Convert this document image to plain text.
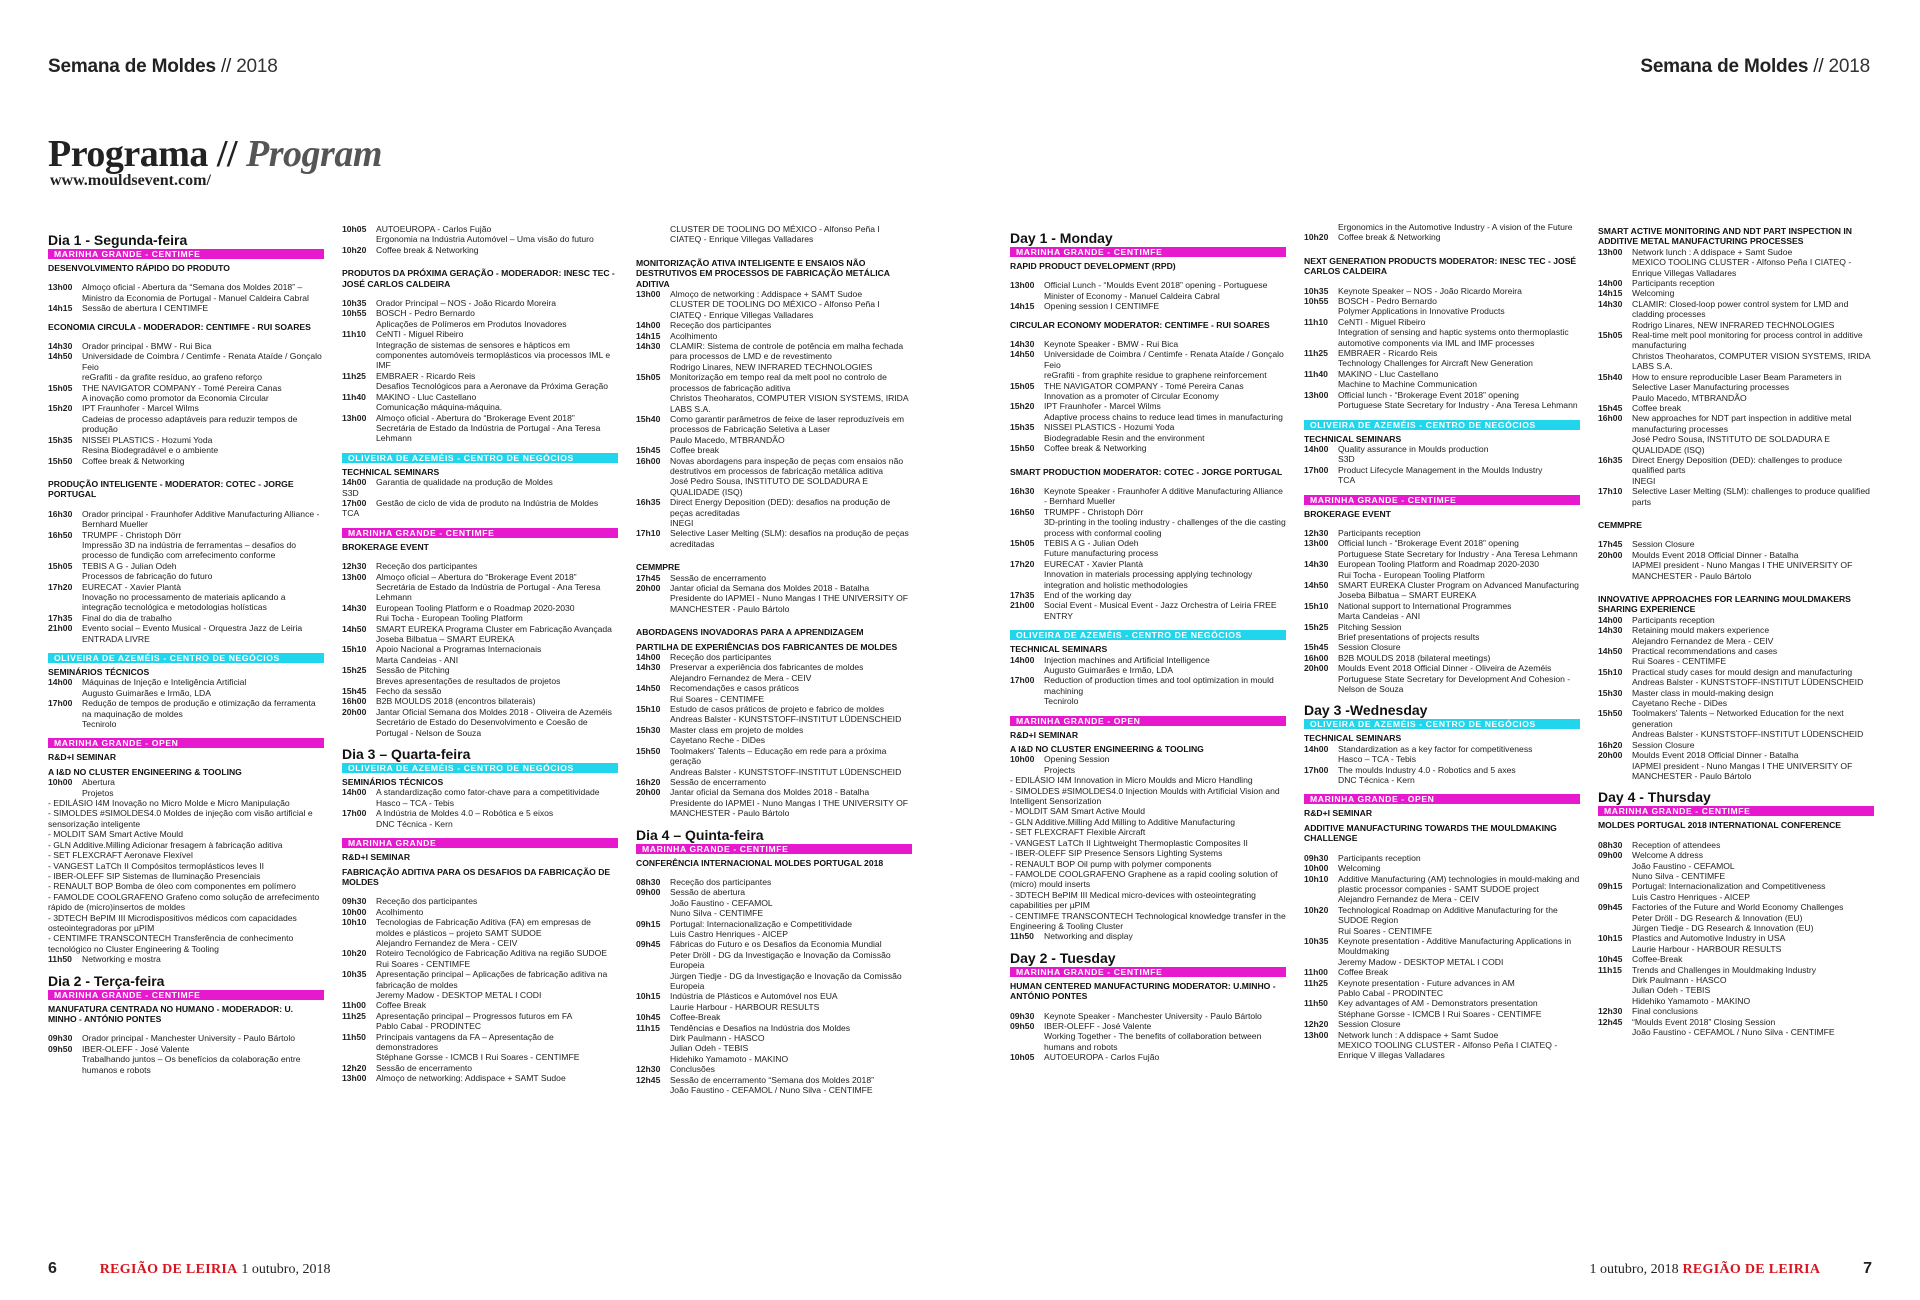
Semana de Moldes // 2018	Semana de Moldes // 2018
Programa // Program
www.mouldsevent.com/
Dia 1 - Segunda-feira
MARINHA GRANDE - CENTIMFE
DESENVOLVIMENTO RÁPIDO DO PRODUTO
13h00 Almoço oficial - Abertura da “Semana dos Moldes 2018” – Ministro da Economia de Portugal - Manuel Caldeira Cabral
14h15 Sessão de abertura I CENTIMFE
ECONOMIA CIRCULA - MODERADOR: CENTIMFE - RUI SOARES
14h30 Orador principal - BMW - Rui Bica
14h50 Universidade de Coimbra / Centimfe - Renata Ataíde / Gonçalo Feio
reGrafiti - da grafite resíduo, ao grafeno reforço
15h05 THE NAVIGATOR COMPANY - Tomé Pereira Canas
A inovação como promotor da Economia Circular
15h20 IPT Fraunhofer - Marcel Wilms
Cadeias de processo adaptáveis para reduzir tempos de produção
15h35 NISSEI PLASTICS - Hozumi Yoda
Resina Biodegradável e o ambiente
15h50 Coffee break & Networking
PRODUÇÃO INTELIGENTE - MODERATOR: COTEC - JORGE PORTUGAL
16h30 Orador principal - Fraunhofer Additive Manufacturing Alliance - Bernhard Mueller
16h50 TRUMPF - Christoph Dörr
Impressão 3D na indústria de ferramentas – desafios do processo de fundição com arrefecimento conforme
15h05 TEBIS A G - Julian Odeh
Processos de fabricação do futuro
17h20 EURECAT - Xavier Plantà
Inovação no processamento de materiais aplicando a integração tecnológica e metodologias holísticas
17h35 Final do dia de trabalho
21h00 Evento social – Evento Musical - Orquestra Jazz de Leiria ENTRADA LIVRE
OLIVEIRA DE AZEMÉIS - CENTRO DE NEGÓCIOS
SEMINÁRIOS TÉCNICOS
14h00 Máquinas de Injeção e Inteligência Artificial
Augusto Guimarães e Irmão, LDA
17h00 Redução de tempos de produção e otimização da ferramenta na maquinação de moldes
Tecnirolo
MARINHA GRANDE - OPEN
R&D+I SEMINAR
A I&D NO CLUSTER ENGINEERING & TOOLING
10h00 Abertura
Projetos
- EDILÁSIO I4M Inovação no Micro Molde e Micro Manipulação
- SIMOLDES #SIMOLDES4.0 Moldes de injeção com visão artificial e sensorização inteligente
- MOLDIT SAM Smart Active Mould
- GLN Additive.Milling Adicionar fresagem à fabricação aditiva
- SET FLEXCRAFT Aeronave Flexível
- VANGEST LaTCh II Compósitos termoplásticos leves II
- IBER-OLEFF SIP Sistemas de Iluminação Presenciais
- RENAULT BOP Bomba de óleo com componentes em polímero
- FAMOLDE COOLGRAFENO Grafeno como solução de arrefecimento rápido de (micro)insertos de moldes
- 3DTECH BePIM III Microdispositivos médicos com capacidades osteointegradoras por µPIM
- CENTIMFE TRANSCONTECH Transferência de conhecimento tecnológico no Cluster Engineering & Tooling
11h50 Networking e mostra
Dia 2 - Terça-feira
MARINHA GRANDE - CENTIMFE
MANUFATURA CENTRADA NO HUMANO - MODERADOR: U. MINHO - ANTÓNIO PONTES
09h30 Orador principal - Manchester University - Paulo Bártolo
09h50 IBER-OLEFF - José Valente
Trabalhando juntos – Os benefícios da colaboração entre humanos e robots
10h05 AUTOEUROPA - Carlos Fujão
Ergonomia na Indústria Automóvel – Uma visão do futuro
10h20 Coffee break & Networking
PRODUTOS DA PRÓXIMA GERAÇÃO - MODERADOR: INESC TEC - JOSÉ CARLOS CALDEIRA
10h35 Orador Principal – NOS - João Ricardo Moreira
10h55 BOSCH - Pedro Bernardo
Aplicações de Polímeros em Produtos Inovadores
11h10 CeNTI - Miguel Ribeiro
Integração de sistemas de sensores e hápticos em componentes automóveis termoplásticos via processos IML e IMF
11h25 EMBRAER - Ricardo Reis
Desafios Tecnológicos para a Aeronave da Próxima Geração
11h40 MAKINO - Lluc Castellano
Comunicação máquina-máquina.
13h00 Almoço oficial - Abertura do “Brokerage Event 2018”
Secretária de Estado da Indústria de Portugal - Ana Teresa Lehmann
OLIVEIRA DE AZEMÉIS - CENTRO DE NEGÓCIOS
TECHNICAL SEMINARS
14h00 Garantia de qualidade na produção de Moldes
S3D
17h00 Gestão de ciclo de vida de produto na Indústria de Moldes
TCA
MARINHA GRANDE - CENTIMFE
BROKERAGE EVENT
12h30 Receção dos participantes
13h00 Almoço oficial – Abertura do “Brokerage Event 2018”
Secretária de Estado da Indústria de Portugal - Ana Teresa Lehmann
14h30 European Tooling Platform e o Roadmap 2020-2030
Rui Tocha - European Tooling Platform
14h50 SMART EUREKA Programa Cluster em Fabricação Avançada
Joseba Bilbatua – SMART EUREKA
15h10 Apoio Nacional a Programas Internacionais
Marta Candeias - ANI
15h25 Sessão de Pitching
Breves apresentações de resultados de projetos
15h45 Fecho da sessão
16h00 B2B MOULDS 2018 (encontros bilaterais)
20h00 Jantar Oficial Semana dos Moldes 2018 - Oliveira de Azeméis
Secretário de Estado do Desenvolvimento e Coesão de Portugal - Nelson de Souza
Dia 3 – Quarta-feira
OLIVEIRA DE AZEMÉIS - CENTRO DE NEGÓCIOS
SEMINÁRIOS TÉCNICOS
14h00 A standardização como fator-chave para a competitividade
Hasco – TCA - Tebis
17h00 A Indústria de Moldes 4.0 – Robótica e 5 eixos
DNC Técnica - Kern
MARINHA GRANDE
R&D+I SEMINAR
FABRICAÇÃO ADITIVA PARA OS DESAFIOS DA FABRICAÇÃO DE MOLDES
09h30 Receção dos participantes
10h00 Acolhimento
10h10 Tecnologias de Fabricação Aditiva (FA) em empresas de moldes e plásticos – projeto SAMT SUDOE
Alejandro Fernandez de Mera - CEIV
10h20 Roteiro Tecnológico de Fabricação Aditiva na região SUDOE
Rui Soares - CENTIMFE
10h35 Apresentação principal – Aplicações de fabricação aditiva na fabricação de moldes
Jeremy Madow - DESKTOP METAL I CODI
11h00 Coffee Break
11h25 Apresentação principal – Progressos futuros em FA
Pablo Cabal - PRODINTEC
11h50 Principais vantagens da FA – Apresentação de demonstradores
Stéphane Gorsse - ICMCB I Rui Soares - CENTIMFE
12h20 Sessão de encerramento
13h00 Almoço de networking: Addispace + SAMT Sudoe
CLUSTER DE TOOLING DO MÉXICO - Alfonso Peña I CIATEQ - Enrique Villegas Valladares
MONITORIZAÇÃO ATIVA INTELIGENTE E ENSAIOS NÃO DESTRUTIVOS EM PROCESSOS DE FABRICAÇÃO METÁLICA ADITIVA
13h00 Almoço de networking : Addispace + SAMT Sudoe
CLUSTER DE TOOLING DO MÉXICO - Alfonso Peña I CIATEQ - Enrique Villegas Valladares
14h00 Receção dos participantes
14h15 Acolhimento
14h30 CLAMIR: Sistema de controle de potência em malha fechada para processos de LMD e de revestimento
Rodrigo Linares, NEW INFRARED TECHNOLOGIES
15h05 Monitorização em tempo real da melt pool no controlo de processos de fabricação aditiva
Christos Theoharatos, COMPUTER VISION SYSTEMS, IRIDA LABS S.A.
15h40 Como garantir parâmetros de feixe de laser reproduzíveis em processos de Fabricação Seletiva a Laser
Paulo Macedo, MTBRANDÃO
15h45 Coffee break
16h00 Novas abordagens para inspeção de peças com ensaios não destrutivos em processos de fabricação metálica aditiva
José Pedro Sousa, INSTITUTO DE SOLDADURA E QUALIDADE (ISQ)
16h35 Direct Energy Deposition (DED): desafios na produção de peças acreditadas
INEGI
17h10 Selective Laser Melting (SLM): desafios na produção de peças acreditadas
CEMMPRE
17h45 Sessão de encerramento
20h00 Jantar oficial da Semana dos Moldes 2018 - Batalha
Presidente do IAPMEI - Nuno Mangas I THE UNIVERSITY OF MANCHESTER - Paulo Bártolo
ABORDAGENS INOVADORAS PARA A APRENDIZAGEM
PARTILHA DE EXPERIÊNCIAS DOS FABRICANTES DE MOLDES
14h00 Receção dos participantes
14h30 Preservar a experiência dos fabricantes de moldes
Alejandro Fernandez de Mera - CEIV
14h50 Recomendações e casos práticos
Rui Soares - CENTIMFE
15h10 Estudo de casos práticos de projeto e fabrico de moldes
Andreas Balster - KUNSTSTOFF-INSTITUT LÜDENSCHEID
15h30 Master class em projeto de moldes
Cayetano Reche - DiDes
15h50 Toolmakers' Talents – Educação em rede para a próxima geração
Andreas Balster - KUNSTSTOFF-INSTITUT LÜDENSCHEID
16h20 Sessão de encerramento
20h00 Jantar oficial da Semana dos Moldes 2018 - Batalha
Presidente do IAPMEI - Nuno Mangas I THE UNIVERSITY OF MANCHESTER - Paulo Bártolo
Dia 4 – Quinta-feira
MARINHA GRANDE - CENTIMFE
CONFERÊNCIA INTERNACIONAL MOLDES PORTUGAL 2018
08h30 Receção dos participantes
09h00 Sessão de abertura
João Faustino - CEFAMOL
Nuno Silva - CENTIMFE
09h15 Portugal: Internacionalização e Competitividade
Luis Castro Henriques - AICEP
09h45 Fábricas do Futuro e os Desafios da Economia Mundial
Peter Dröll - DG da Investigação e Inovação da Comissão Europeia
Jürgen Tiedje - DG da Investigação e Inovação da Comissão Europeia
10h15 Indústria de Plásticos e Automóvel nos EUA
Laurie Harbour - HARBOUR RESULTS
10h45 Coffee-Break
11h15 Tendências e Desafios na Indústria dos Moldes
Dirk Paulmann - HASCO
Julian Odeh - TEBIS
Hidehiko Yamamoto - MAKINO
12h30 Conclusões
12h45 Sessão de encerramento “Semana dos Moldes 2018”
João Faustino - CEFAMOL / Nuno Silva - CENTIMFE
Day 1 - Monday
MARINHA GRANDE - CENTIMFE
RAPID PRODUCT DEVELOPMENT (RPD)
13h00 Official Lunch - “Moulds Event 2018” opening - Portuguese Minister of Economy - Manuel Caldeira Cabral
14h15 Opening session I CENTIMFE
CIRCULAR ECONOMY MODERATOR: CENTIMFE - RUI SOARES
14h30 Keynote Speaker - BMW - Rui Bica
14h50 Universidade de Coimbra / Centimfe - Renata Ataíde / Gonçalo Feio
reGrafiti - from graphite residue to graphene reinforcement
15h05 THE NAVIGATOR COMPANY - Tomé Pereira Canas
Innovation as a promoter of Circular Economy
15h20 IPT Fraunhofer - Marcel Wilms
Adaptive process chains to reduce lead times in manufacturing
15h35 NISSEI PLASTICS - Hozumi Yoda
Biodegradable Resin and the environment
15h50 Coffee break & Networking
SMART PRODUCTION MODERATOR: COTEC - JORGE PORTUGAL
16h30 Keynote Speaker - Fraunhofer A dditive Manufacturing Alliance - Bernhard Mueller
16h50 TRUMPF - Christoph Dörr
3D-printing in the tooling industry - challenges of the die casting process with conformal cooling
15h05 TEBIS A G - Julian Odeh
Future manufacturing process
17h20 EURECAT - Xavier Plantà
Innovation in materials processing applying technology integration and holistic methodologies
17h35 End of the working day
21h00 Social Event - Musical Event - Jazz Orchestra of Leiria FREE ENTRY
OLIVEIRA DE AZEMÉIS - CENTRO DE NEGÓCIOS
TECHNICAL SEMINARS
14h00 Injection machines and Artificial Intelligence
Augusto Guimarães e Irmão, LDA
17h00 Reduction of production times and tool optimization in mould machining
Tecnirolo
MARINHA GRANDE - OPEN
R&D+I SEMINAR
A I&D NO CLUSTER ENGINEERING & TOOLING
10h00 Opening Session
Projects
- EDILÁSIO I4M Innovation in Micro Moulds and Micro Handling
- SIMOLDES #SIMOLDES4.0 Injection Moulds with Artificial Vision and Intelligent Sensorization
- MOLDIT SAM Smart Active Mould
- GLN Additive.Milling Add Milling to Additive Manufacturing
- SET FLEXCRAFT Flexible Aircraft
- VANGEST LaTCh II Lightweight Thermoplastic Composites II
- IBER-OLEFF SIP Presence Sensors Lighting Systems
- RENAULT BOP Oil pump with polymer components
- FAMOLDE COOLGRAFENO Graphene as a rapid cooling solution of (micro) mould inserts
- 3DTECH BePIM III Medical micro-devices with osteointegrating capabilities per µPIM
- CENTIMFE TRANSCONTECH Technological knowledge transfer in the Engineering & Tooling Cluster
11h50 Networking and display
Day 2 - Tuesday
MARINHA GRANDE - CENTIMFE
HUMAN CENTERED MANUFACTURING MODERATOR: U.MINHO - ANTÓNIO PONTES
09h30 Keynote Speaker - Manchester University - Paulo Bártolo
09h50 IBER-OLEFF - José Valente
Working Together - The benefits of collaboration between humans and robots
10h05 AUTOEUROPA - Carlos Fujão
Ergonomics in the Automotive Industry - A vision of the Future
10h20 Coffee break & Networking
NEXT GENERATION PRODUCTS MODERATOR: INESC TEC - JOSÉ CARLOS CALDEIRA
10h35 Keynote Speaker – NOS - João Ricardo Moreira
10h55 BOSCH - Pedro Bernardo
Polymer Applications in Innovative Products
11h10 CeNTI - Miguel Ribeiro
Integration of sensing and haptic systems onto thermoplastic automotive components via IML and IMF processes
11h25 EMBRAER - Ricardo Reis
Technology Challenges for Aircraft New Generation
11h40 MAKINO - Lluc Castellano
Machine to Machine Communication
13h00 Official lunch - “Brokerage Event 2018” opening
Portuguese State Secretary for Industry - Ana Teresa Lehmann
OLIVEIRA DE AZEMÉIS - CENTRO DE NEGÓCIOS
TECHNICAL SEMINARS
14h00 Quality assurance in Moulds production
S3D
17h00 Product Lifecycle Management in the Moulds Industry
TCA
MARINHA GRANDE - CENTIMFE
BROKERAGE EVENT
12h30 Participants reception
13h00 Official lunch - “Brokerage Event 2018” opening
Portuguese State Secretary for Industry - Ana Teresa Lehmann
14h30 European Tooling Platform and Roadmap 2020-2030
Rui Tocha - European Tooling Platform
14h50 SMART EUREKA Cluster Program on Advanced Manufacturing
Joseba Bilbatua – SMART EUREKA
15h10 National support to International Programmes
Marta Candeias - ANI
15h25 Pitching Session
Brief presentations of projects results
15h45 Session Closure
16h00 B2B MOULDS 2018 (bilateral meetings)
20h00 Moulds Event 2018 Official Dinner - Oliveira de Azeméis
Portuguese State Secretary for Development And Cohesion - Nelson de Souza
Day 3 -Wednesday
OLIVEIRA DE AZEMÉIS - CENTRO DE NEGÓCIOS
TECHNICAL SEMINARS
14h00 Standardization as a key factor for competitiveness
Hasco – TCA - Tebis
17h00 The moulds Industry 4.0 - Robotics and 5 axes
DNC Técnica - Kern
MARINHA GRANDE - OPEN
R&D+I SEMINAR
ADDITIVE MANUFACTURING TOWARDS THE MOULDMAKING CHALLENGE
09h30 Participants reception
10h00 Welcoming
10h10 Additive Manufacturing (AM) technologies in mould-making and plastic processor companies - SAMT SUDOE project
Alejandro Fernandez de Mera - CEIV
10h20 Technological Roadmap on Additive Manufacturing for the SUDOE Region
Rui Soares - CENTIMFE
10h35 Keynote presentation - Additive Manufacturing Applications in Mouldmaking
Jeremy Madow - DESKTOP METAL I CODI
11h00 Coffee Break
11h25 Keynote presentation - Future advances in AM
Pablo Cabal - PRODINTEC
11h50 Key advantages of AM - Demonstrators presentation
Stéphane Gorsse - ICMCB I Rui Soares - CENTIMFE
12h20 Session Closure
13h00 Network lunch : A ddispace + Samt Sudoe
MEXICO TOOLING CLUSTER - Alfonso Peña I CIATEQ - Enrique V illegas Valladares
SMART ACTIVE MONITORING AND NDT PART INSPECTION IN ADDITIVE METAL MANUFACTURING PROCESSES
13h00 Network lunch : A ddispace + Samt Sudoe
MEXICO TOOLING CLUSTER - Alfonso Peña I CIATEQ - Enrique Villegas Valladares
14h00 Participants reception
14h15 Welcoming
14h30 CLAMIR: Closed-loop power control system for LMD and cladding processes
Rodrigo Linares, NEW INFRARED TECHNOLOGIES
15h05 Real-time melt pool monitoring for process control in additive manufacturing
Christos Theoharatos, COMPUTER VISION SYSTEMS, IRIDA LABS S.A.
15h40 How to ensure reproducible Laser Beam Parameters in Selective Laser Manufacturing processes
Paulo Macedo, MTBRANDÃO
15h45 Coffee break
16h00 New approaches for NDT part inspection in additive metal manufacturing processes
José Pedro Sousa, INSTITUTO DE SOLDADURA E QUALIDADE (ISQ)
16h35 Direct Energy Deposition (DED): challenges to produce qualified parts
INEGI
17h10 Selective Laser Melting (SLM): challenges to produce qualified parts
CEMMPRE
17h45 Session Closure
20h00 Moulds Event 2018 Official Dinner - Batalha
IAPMEI president - Nuno Mangas I THE UNIVERSITY OF MANCHESTER - Paulo Bártolo
INNOVATIVE APPROACHES FOR LEARNING MOULDMAKERS SHARING EXPERIENCE
14h00 Participants reception
14h30 Retaining mould makers experience
Alejandro Fernandez de Mera - CEIV
14h50 Practical recommendations and cases
Rui Soares - CENTIMFE
15h10 Practical study cases for mould design and manufacturing
Andreas Balster - KUNSTSTOFF-INSTITUT LÜDENSCHEID
15h30 Master class in mould-making design
Cayetano Reche - DiDes
15h50 Toolmakers' Talents – Networked Education for the next generation
Andreas Balster - KUNSTSTOFF-INSTITUT LÜDENSCHEID
16h20 Session Closure
20h00 Moulds Event 2018 Official Dinner - Batalha
IAPMEI president - Nuno Mangas I THE UNIVERSITY OF MANCHESTER - Paulo Bártolo
Day 4 - Thursday
MARINHA GRANDE - CENTIMFE
MOLDES PORTUGAL 2018 INTERNATIONAL CONFERENCE
08h30 Reception of attendees
09h00 Welcome A ddress
João Faustino - CEFAMOL
Nuno Silva - CENTIMFE
09h15 Portugal: Internacionalization and Competitiveness
Luis Castro Henriques - AICEP
09h45 Factories of the Future and World Economy Challenges
Peter Dröll - DG Research & Innovation (EU)
Jürgen Tiedje - DG Research & Innovation (EU)
10h15 Plastics and Automotive Industry in USA
Laurie Harbour - HARBOUR RESULTS
10h45 Coffee-Break
11h15 Trends and Challenges in Mouldmaking Industry
Dirk Paulmann - HASCO
Julian Odeh - TEBIS
Hidehiko Yamamoto - MAKINO
12h30 Final conclusions
12h45 “Moulds Event 2018” Closing Session
João Faustino - CEFAMOL / Nuno Silva - CENTIMFE
6	REGIÃO DE LEIRIA 1 outubro, 2018	1 outubro, 2018 REGIÃO DE LEIRIA	7
